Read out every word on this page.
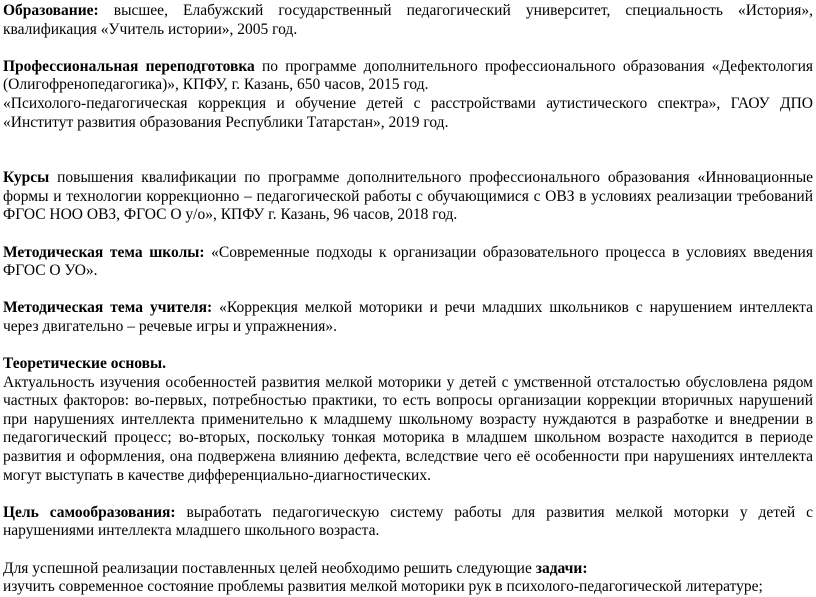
Образование: высшее, Елабужский государственный педагогический университет, специальность «История», квалификация «Учитель истории», 2005 год.

Профессиональная переподготовка по программе дополнительного профессионального образования «Дефектология (Олигофренопедагогика)», КПФУ, г. Казань, 650 часов, 2015 год.

«Психолого-педагогическая коррекция и обучение детей с расстройствами аутистического спектра», ГАОУ ДПО «Институт развития образования Республики Татарстан», 2019 год.

Курсы повышения квалификации по программе дополнительного профессионального образования «Инновационные формы и технологии коррекционно – педагогической работы с обучающимися с ОВЗ в условиях реализации требований ФГОС НОО ОВЗ, ФГОС О у/о», КПФУ г. Казань, 96 часов, 2018 год.

Методическая тема школы: «Современные подходы к организации образовательного процесса в условиях введения ФГОС О УО».

Методическая тема учителя: «Коррекция мелкой моторики и речи младших школьников с нарушением интеллекта через двигательно – речевые игры и упражнения».

Теоретические основы.

Актуальность изучения особенностей развития мелкой моторики у детей с умственной отсталостью обусловлена рядом частных факторов: во-первых, потребностью практики, то есть вопросы организации коррекции вторичных нарушений при нарушениях интеллекта применительно к младшему школьному возрасту нуждаются в разработке и внедрении в педагогический процесс; во-вторых, поскольку тонкая моторика в младшем школьном возрасте находится в периоде развития и оформления, она подвержена влиянию дефекта, вследствие чего её особенности при нарушениях интеллекта могут выступать в качестве дифференциально-диагностических.

Цель самообразования: выработать педагогическую систему работы для развития мелкой моторки у детей с нарушениями интеллекта младшего школьного возраста.

Для успешной реализации поставленных целей необходимо решить следующие задачи:

изучить современное состояние проблемы развития мелкой моторики рук в психолого-педагогической литературе;
